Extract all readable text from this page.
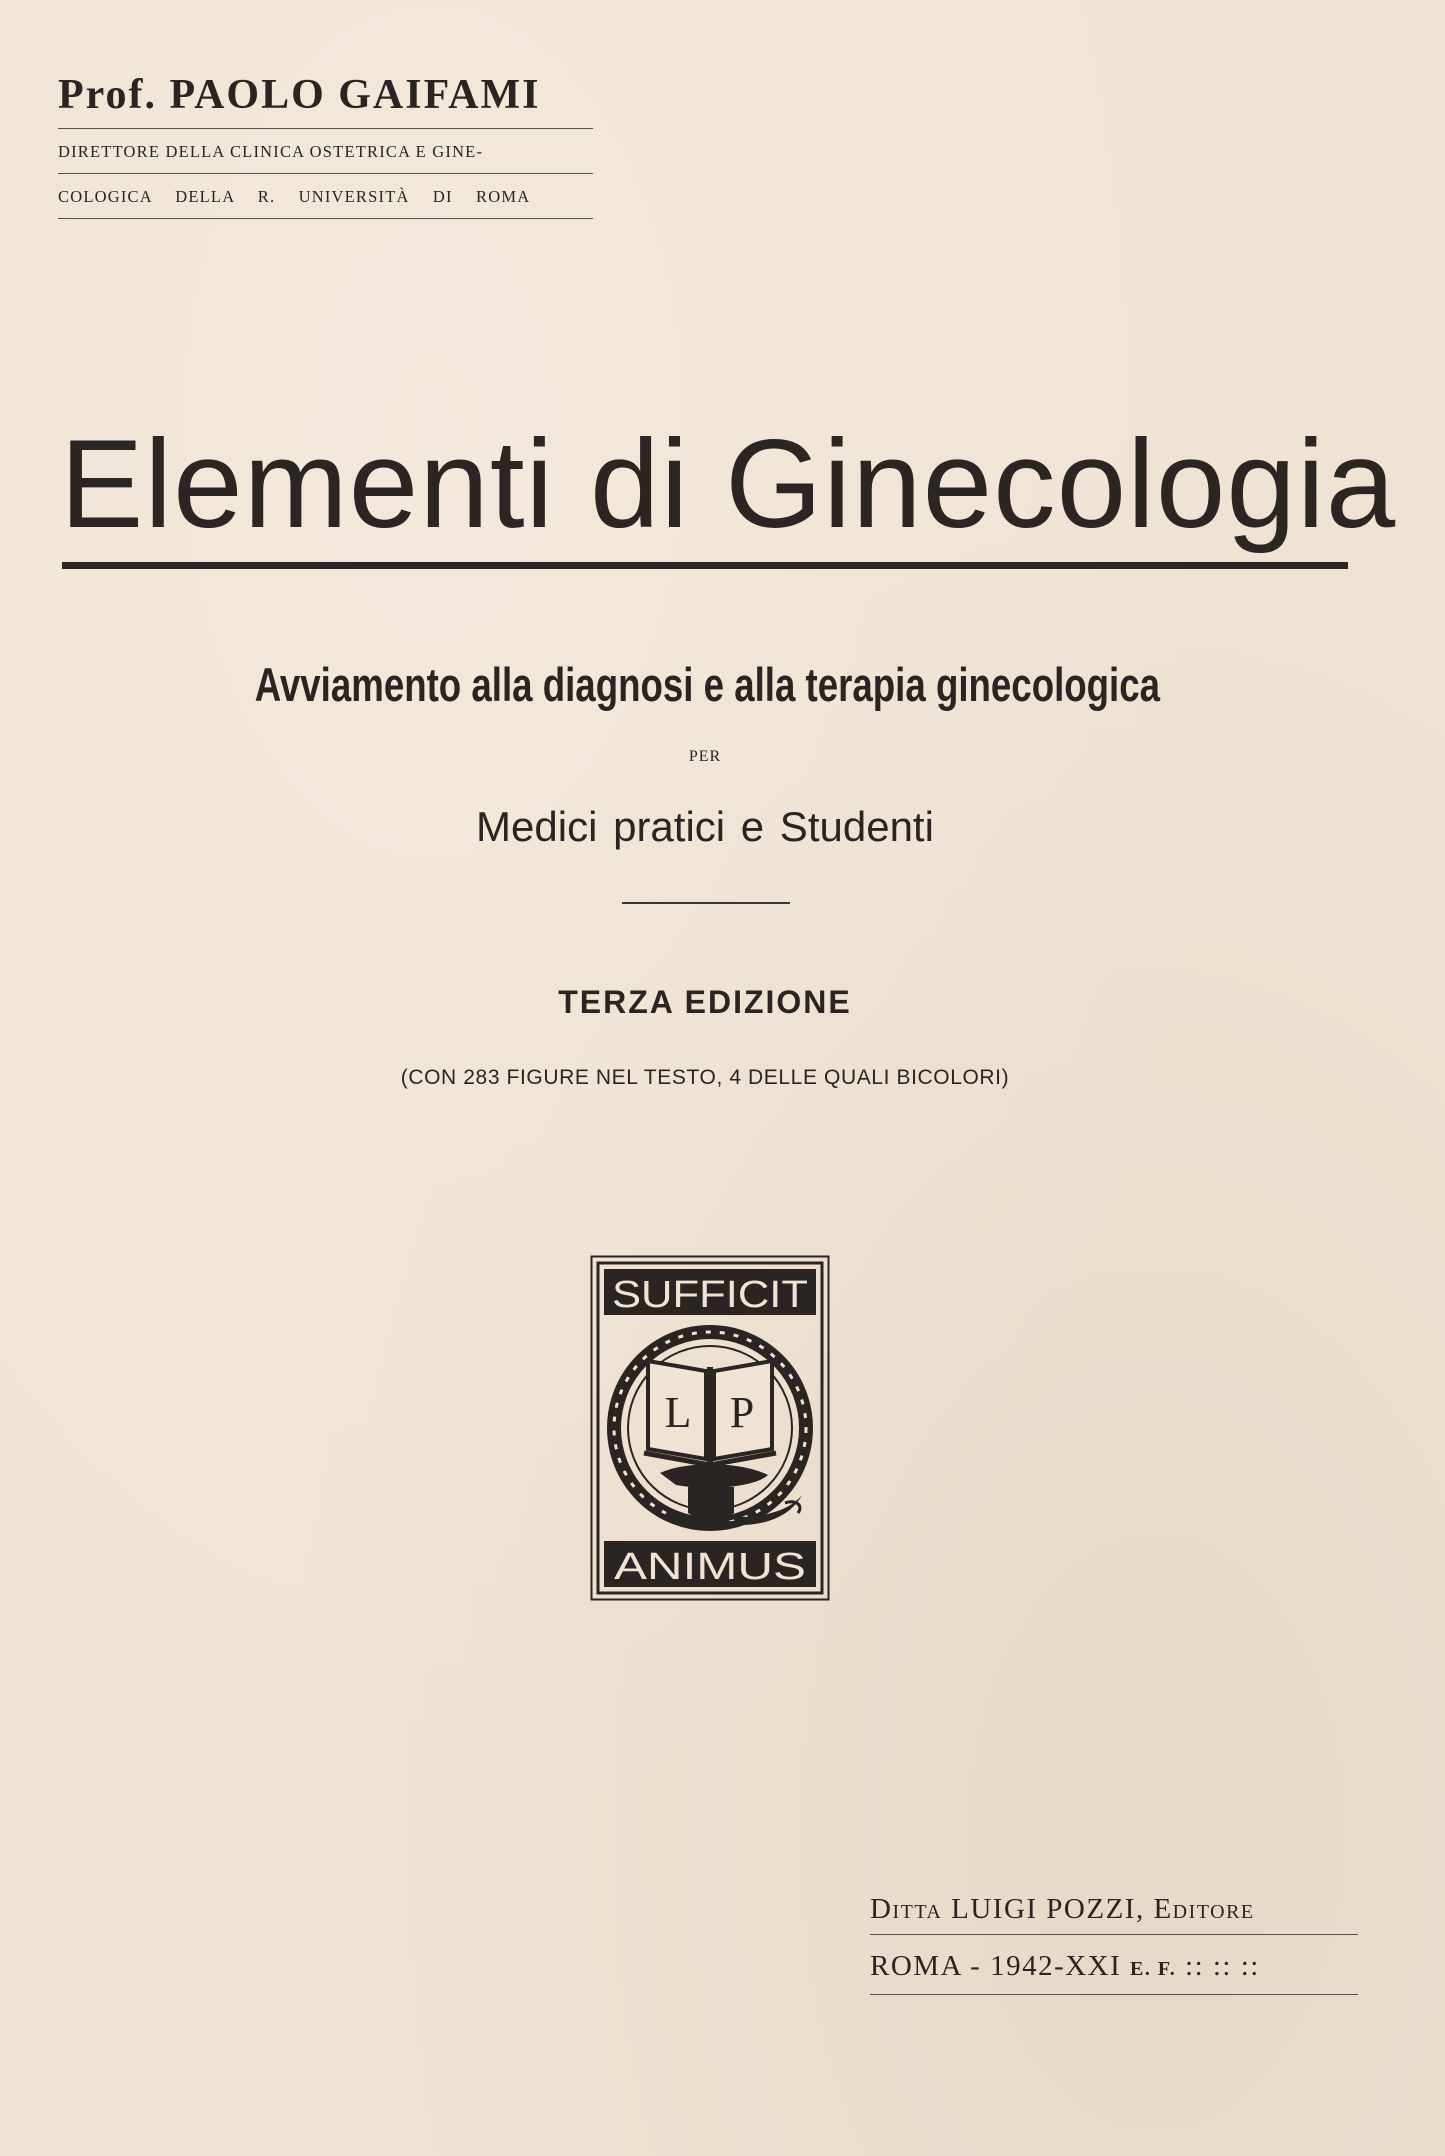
Prof. PAOLO GAIFAMI
DIRETTORE DELLA CLINICA OSTETRICA E GINE-
COLOGICA DELLA R. UNIVERSITÀ DI ROMA
Elementi di Ginecologia
Avviamento alla diagnosi e alla terapia ginecologica
PER
Medici pratici e Studenti
TERZA EDIZIONE
(CON 283 FIGURE NEL TESTO, 4 DELLE QUALI BICOLORI)
SUFFICIT
ANIMUS
L P
Ditta LUIGI POZZI, Editore
ROMA - 1942-XXI E. F. :: :: ::
